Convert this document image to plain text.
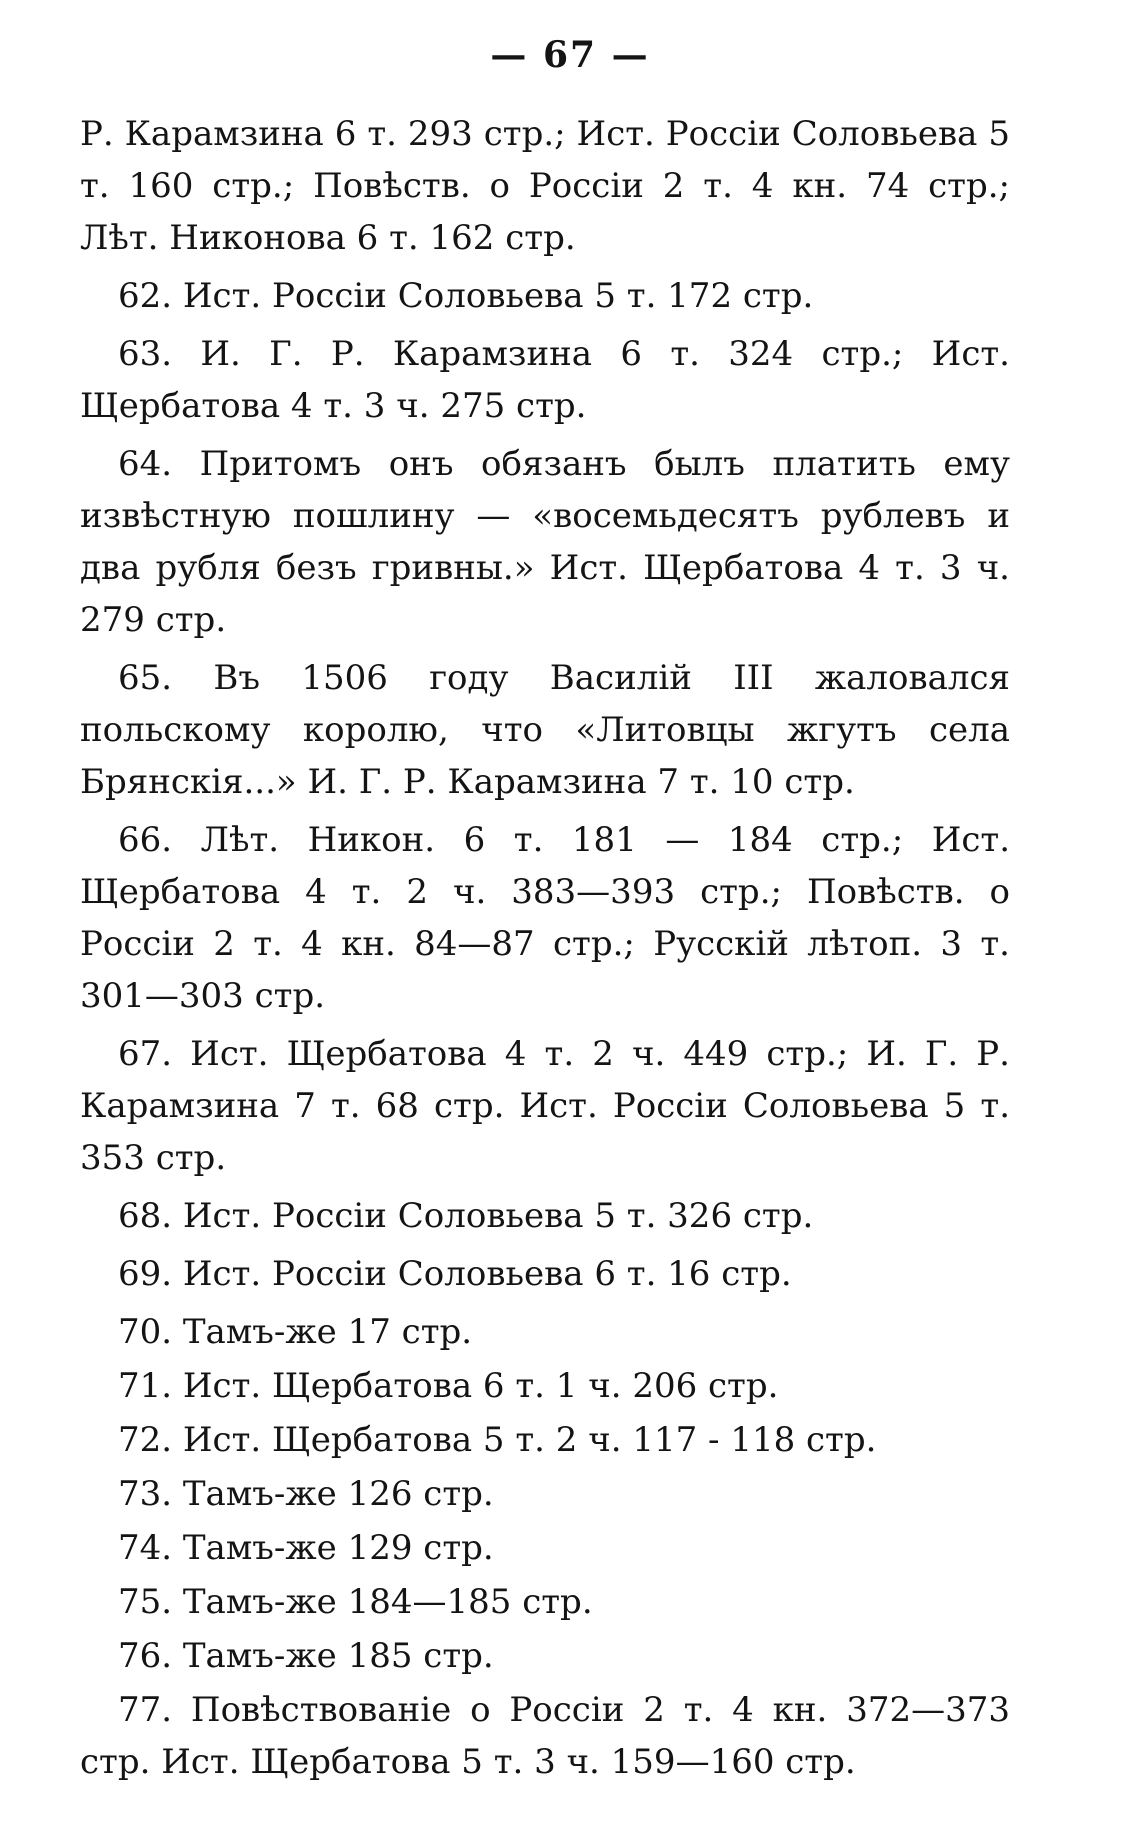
— 67 —

Р. Карамзина 6 т. 293 стр.; Ист. Россіи Соловьева 5 т. 160 стр.; Повѣств. о Россіи 2 т. 4 кн. 74 стр.; Лѣт. Никонова 6 т. 162 стр.

62. Ист. Россіи Соловьева 5 т. 172 стр.

63. И. Г. Р. Карамзина 6 т. 324 стр.; Ист. Щербатова 4 т. 3 ч. 275 стр.

64. Притомъ онъ обязанъ былъ платить ему извѣстную пошлину — «восемьдесятъ рублевъ и два рубля безъ гривны.» Ист. Щербатова 4 т. 3 ч. 279 стр.

65. Въ 1506 году Василій III жаловался польскому королю, что «Литовцы жгутъ села Брянскія...» И. Г. Р. Карамзина 7 т. 10 стр.

66. Лѣт. Никон. 6 т. 181 — 184 стр.; Ист. Щербатова 4 т. 2 ч. 383—393 стр.; Повѣств. о Россіи 2 т. 4 кн. 84—87 стр.; Русскій лѣтоп. 3 т. 301—303 стр.

67. Ист. Щербатова 4 т. 2 ч. 449 стр.; И. Г. Р. Карамзина 7 т. 68 стр. Ист. Россіи Соловьева 5 т. 353 стр.

68. Ист. Россіи Соловьева 5 т. 326 стр.

69. Ист. Россіи Соловьева 6 т. 16 стр.

70. Тамъ-же 17 стр.

71. Ист. Щербатова 6 т. 1 ч. 206 стр.

72. Ист. Щербатова 5 т. 2 ч. 117 - 118 стр.

73. Тамъ-же 126 стр.

74. Тамъ-же 129 стр.

75. Тамъ-же 184—185 стр.

76. Тамъ-же 185 стр.

77. Повѣствованіе о Россіи 2 т. 4 кн. 372—373 стр. Ист. Щербатова 5 т. 3 ч. 159—160 стр.
